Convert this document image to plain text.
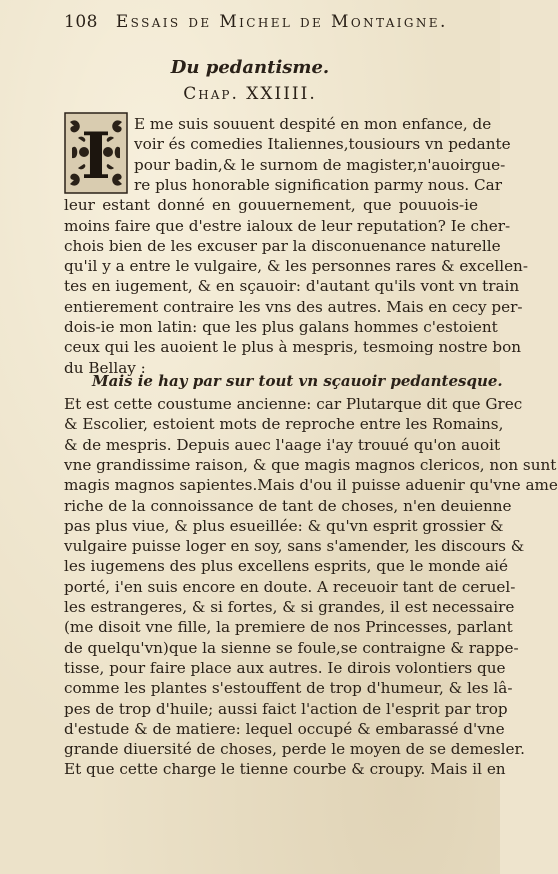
108 Essais de Michel de Montaigne.
Du pedantisme.
Chap. XXIIII.
I E me suis souuent despité en mon enfance, de
voir és comedies Italiennes,tousiours vn pedante
pour badin,& le surnom de magister,n'auoirgue-
re plus honorable signification parmy nous. Car
leur estant donné en gouuernement, que pouuois-ie
moins faire que d'estre ialoux de leur reputation? Ie cher-
chois bien de les excuser par la disconuenance naturelle
qu'il y a entre le vulgaire, & les personnes rares & excellen-
tes en iugement, & en sçauoir: d'autant qu'ils vont vn train
entierement contraire les vns des autres. Mais en cecy per-
dois-ie mon latin: que les plus galans hommes c'estoient
ceux qui les auoient le plus à mespris, tesmoing nostre bon
du Bellay :
Mais ie hay par sur tout vn sçauoir pedantesque.
Et est cette coustume ancienne: car Plutarque dit que Grec
& Escolier, estoient mots de reproche entre les Romains,
& de mespris. Depuis auec l'aage i'ay trouué qu'on auoit
vne grandissime raison, & que magis magnos clericos, non sunt
magis magnos sapientes.Mais d'ou il puisse aduenir qu'vne ame
riche de la connoissance de tant de choses, n'en deuienne
pas plus viue, & plus esueillée: & qu'vn esprit grossier &
vulgaire puisse loger en soy, sans s'amender, les discours &
les iugemens des plus excellens esprits, que le monde aié
porté, i'en suis encore en doute. A receuoir tant de ceruel-
les estrangeres, & si fortes, & si grandes, il est necessaire
(me disoit vne fille, la premiere de nos Princesses, parlant
de quelqu'vn)que la sienne se foule,se contraigne & rappe-
tisse, pour faire place aux autres. Ie dirois volontiers que
comme les plantes s'estouffent de trop d'humeur, & les lâ-
pes de trop d'huile; aussi faict l'action de l'esprit par trop
d'estude & de matiere: lequel occupé & embarassé d'vne
grande diuersité de choses, perde le moyen de se demesler.
Et que cette charge le tienne courbe & croupy. Mais il en
